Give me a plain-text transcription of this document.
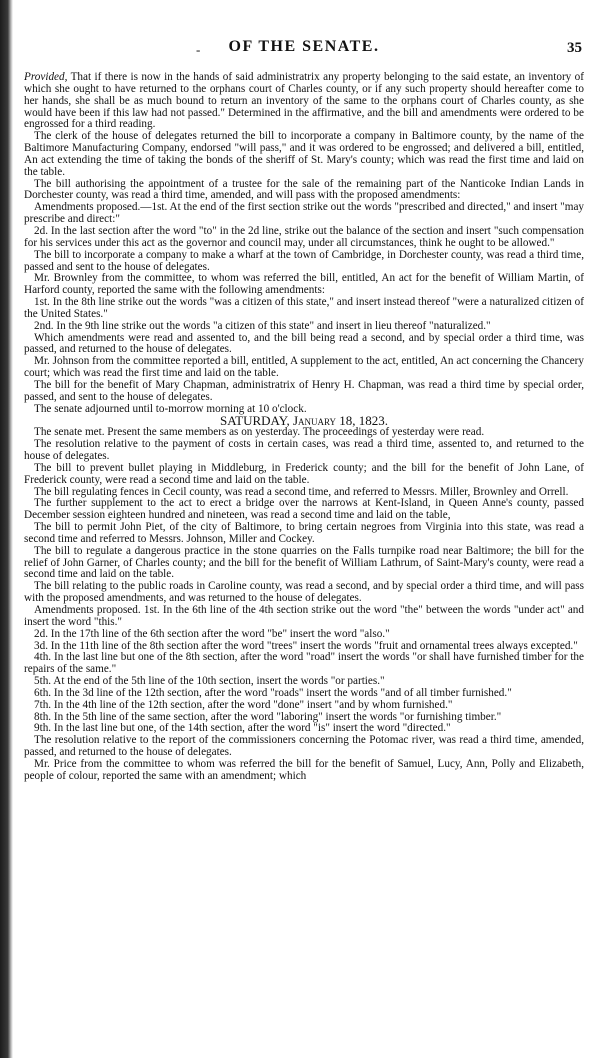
-	OF THE SENATE.	35

Provided, That if there is now in the hands of said administratrix any property belonging to the said estate, an inventory of which she ought to have returned to the orphans court of Charles county, or if any such property should hereafter come to her hands, she shall be as much bound to return an inventory of the same to the orphans court of Charles county, as she would have been if this law had not passed." Determined in the affirmative, and the bill and amendments were ordered to be engrossed for a third reading.

The clerk of the house of delegates returned the bill to incorporate a company in Baltimore county, by the name of the Baltimore Manufacturing Company, endorsed "will pass," and it was ordered to be engrossed; and delivered a bill, entitled, An act extending the time of taking the bonds of the sheriff of St. Mary's county; which was read the first time and laid on the table.

The bill authorising the appointment of a trustee for the sale of the remaining part of the Nanticoke Indian Lands in Dorchester county, was read a third time, amended, and will pass with the proposed amendments:

Amendments proposed.—1st. At the end of the first section strike out the words "prescribed and directed," and insert "may prescribe and direct:"

2d. In the last section after the word "to" in the 2d line, strike out the balance of the section and insert "such compensation for his services under this act as the governor and council may, under all circumstances, think he ought to be allowed."

The bill to incorporate a company to make a wharf at the town of Cambridge, in Dorchester county, was read a third time, passed and sent to the house of delegates.

Mr. Brownley from the committee, to whom was referred the bill, entitled, An act for the benefit of William Martin, of Harford county, reported the same with the following amendments:

1st. In the 8th line strike out the words "was a citizen of this state," and insert instead thereof "were a naturalized citizen of the United States."

2nd. In the 9th line strike out the words "a citizen of this state" and insert in lieu thereof "naturalized."

Which amendments were read and assented to, and the bill being read a second, and by special order a third time, was passed, and returned to the house of delegates.

Mr. Johnson from the committee reported a bill, entitled, A supplement to the act, entitled, An act concerning the Chancery court; which was read the first time and laid on the table.

The bill for the benefit of Mary Chapman, administratrix of Henry H. Chapman, was read a third time by special order, passed, and sent to the house of delegates.

The senate adjourned until to-morrow morning at 10 o'clock.

SATURDAY, January 18, 1823.

The senate met. Present the same members as on yesterday. The proceedings of yesterday were read.

The resolution relative to the payment of costs in certain cases, was read a third time, assented to, and returned to the house of delegates.

The bill to prevent bullet playing in Middleburg, in Frederick county; and the bill for the benefit of John Lane, of Frederick county, were read a second time and laid on the table.

The bill regulating fences in Cecil county, was read a second time, and referred to Messrs. Miller, Brownley and Orrell.

The further supplement to the act to erect a bridge over the narrows at Kent-Island, in Queen Anne's county, passed December session eighteen hundred and nineteen, was read a second time and laid on the table,

The bill to permit John Piet, of the city of Baltimore, to bring certain negroes from Virginia into this state, was read a second time and referred to Messrs. Johnson, Miller and Cockey.

The bill to regulate a dangerous practice in the stone quarries on the Falls turnpike road near Baltimore; the bill for the relief of John Garner, of Charles county; and the bill for the benefit of William Lathrum, of Saint-Mary's county, were read a second time and laid on the table.

The bill relating to the public roads in Caroline county, was read a second, and by special order a third time, and will pass with the proposed amendments, and was returned to the house of delegates.

Amendments proposed. 1st. In the 6th line of the 4th section strike out the word "the" between the words "under act" and insert the word "this."

2d. In the 17th line of the 6th section after the word "be" insert the word "also."

3d. In the 11th line of the 8th section after the word "trees" insert the words "fruit and ornamental trees always excepted."

4th. In the last line but one of the 8th section, after the word "road" insert the words "or shall have furnished timber for the repairs of the same."

5th. At the end of the 5th line of the 10th section, insert the words "or parties."

6th. In the 3d line of the 12th section, after the word "roads" insert the words "and of all timber furnished."

7th. In the 4th line of the 12th section, after the word "done" insert "and by whom furnished."

8th. In the 5th line of the same section, after the word "laboring" insert the words "or furnishing timber."

9th. In the last line but one, of the 14th section, after the word "is" insert the word "directed."

The resolution relative to the report of the commissioners concerning the Potomac river, was read a third time, amended, passed, and returned to the house of delegates.

Mr. Price from the committee to whom was referred the bill for the benefit of Samuel, Lucy, Ann, Polly and Elizabeth, people of colour, reported the same with an amendment; which
